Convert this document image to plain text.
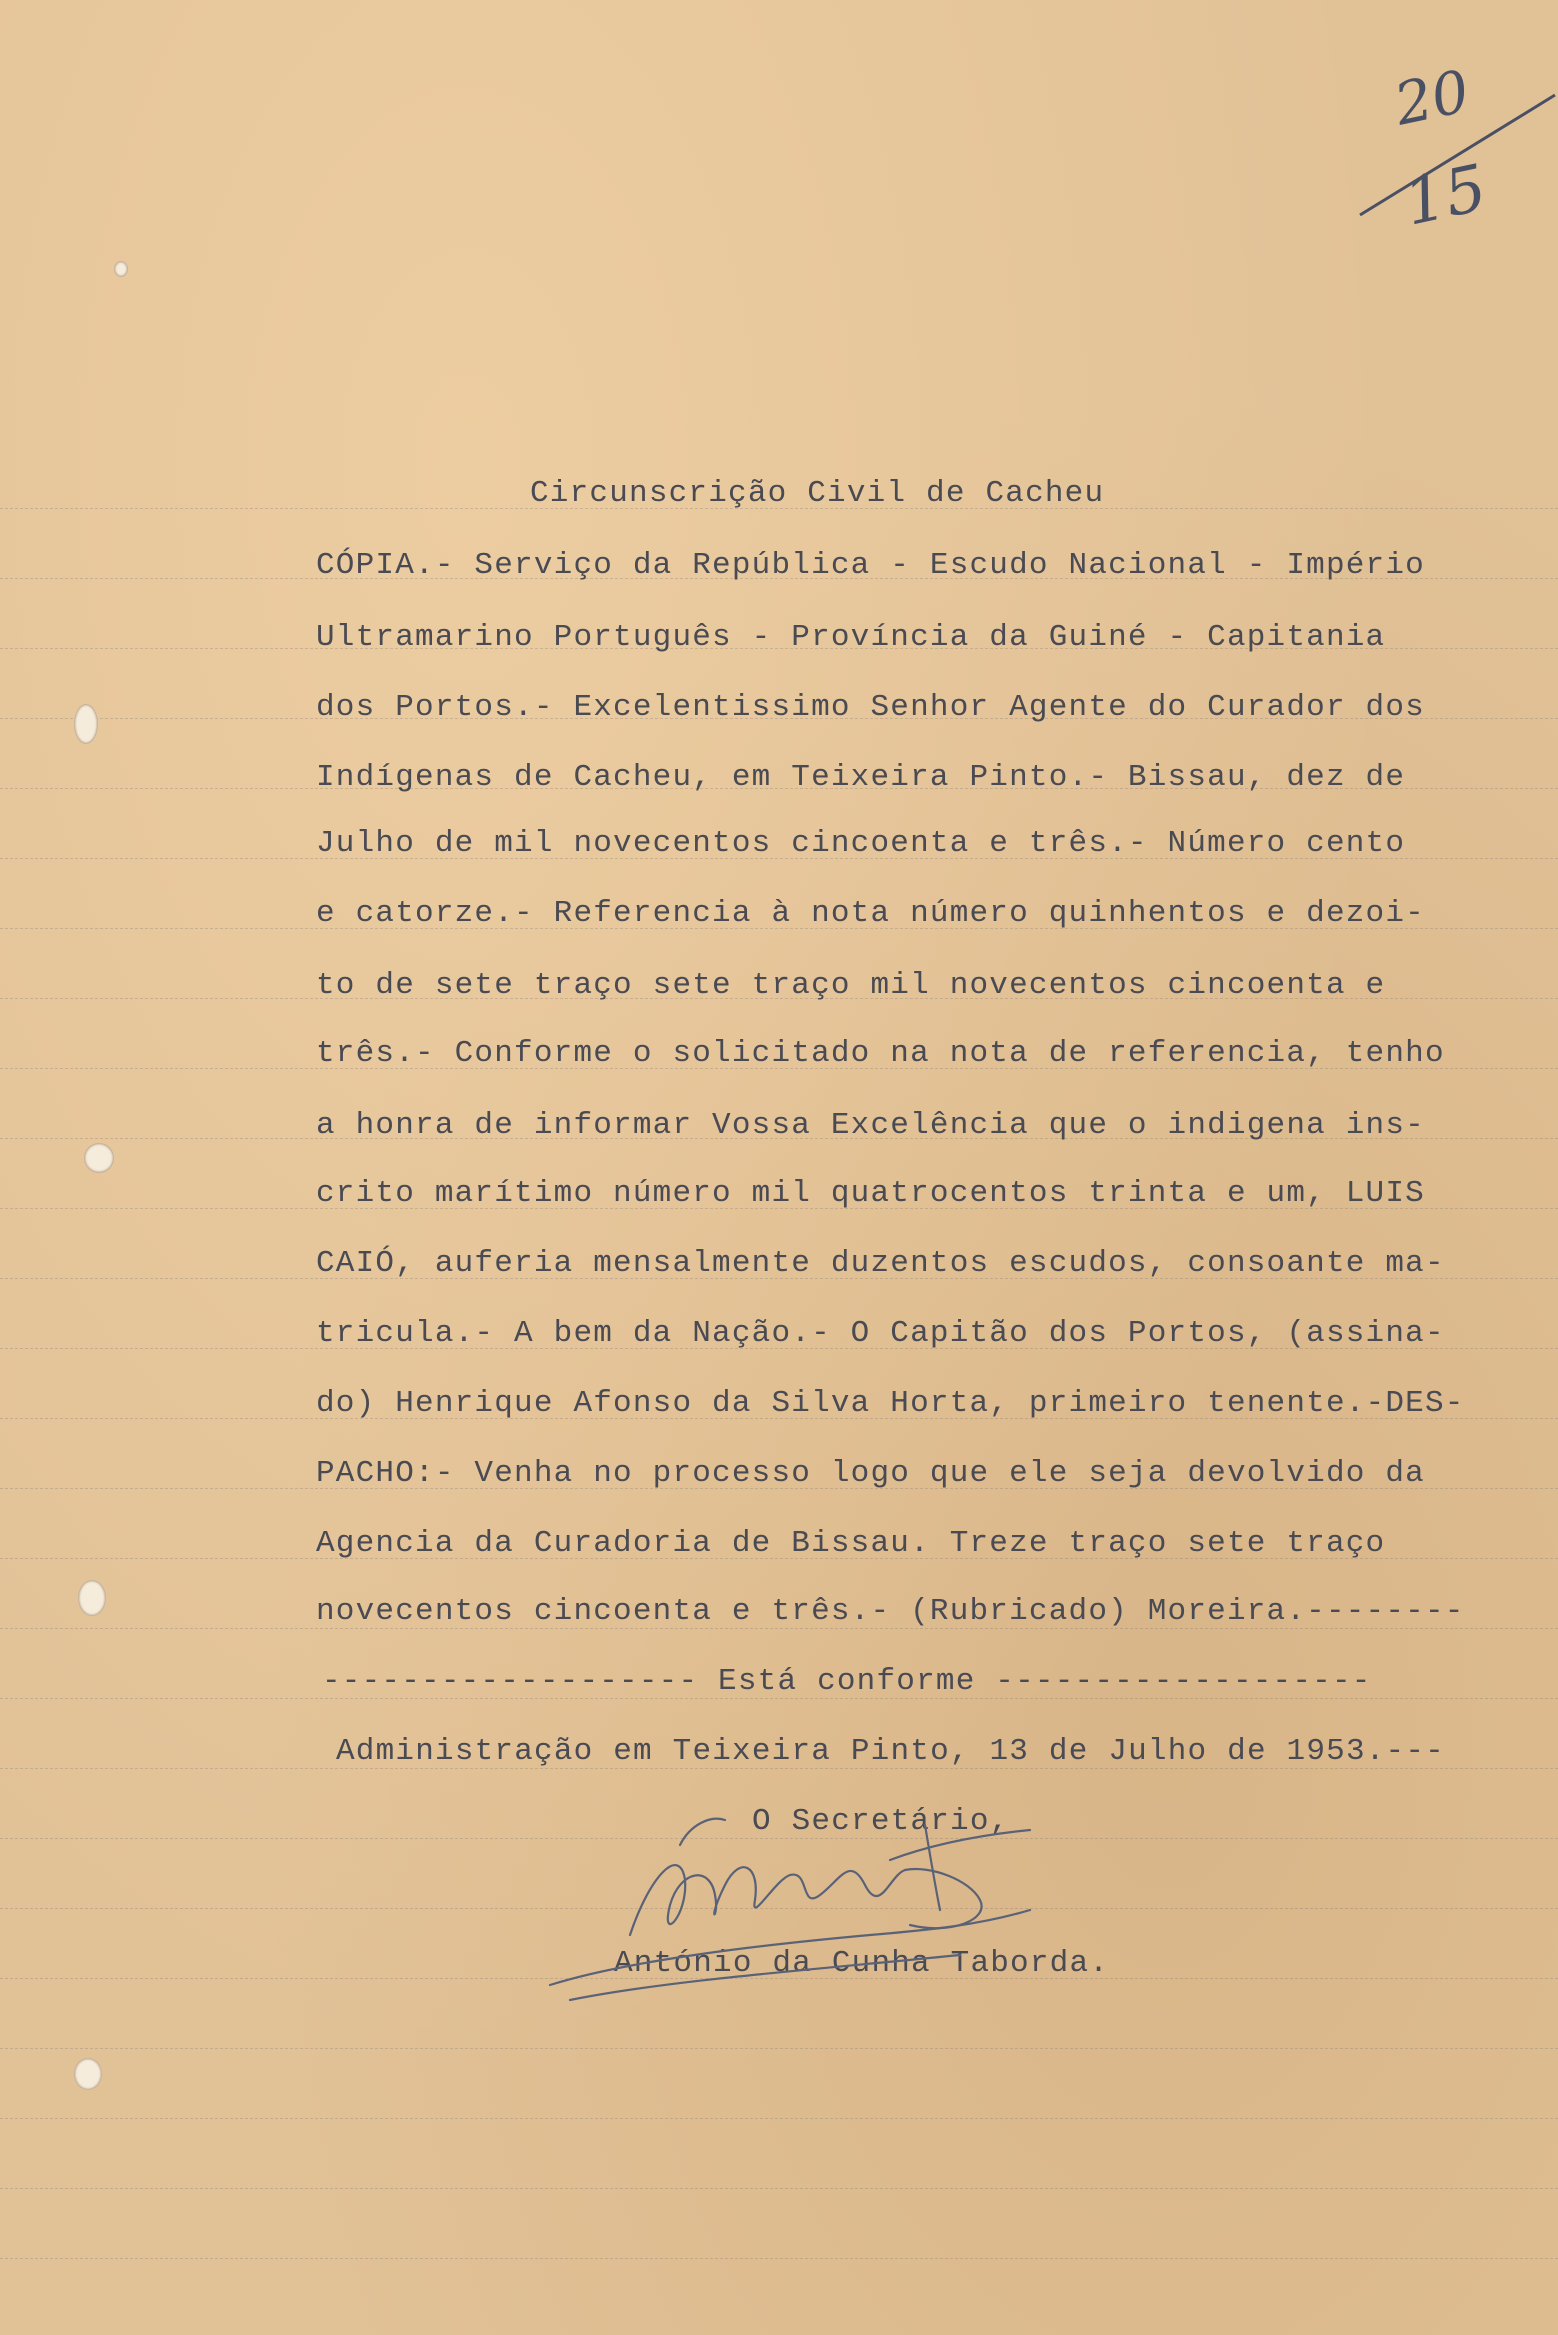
20
15
Circunscrição Civil de Cacheu
CÓPIA.- Serviço da República - Escudo Nacional - Império
Ultramarino Português - Província da Guiné - Capitania
dos Portos.- Excelentissimo Senhor Agente do Curador dos
Indígenas de Cacheu, em Teixeira Pinto.- Bissau, dez de
Julho de mil novecentos cincoenta e três.- Número cento
e catorze.- Referencia à nota número quinhentos e dezoi-
to de sete traço sete traço mil novecentos cincoenta e
três.- Conforme o solicitado na nota de referencia, tenho
a honra de informar Vossa Excelência que o indigena ins-
crito marítimo número mil quatrocentos trinta e um, LUIS
CAIÓ, auferia mensalmente duzentos escudos, consoante ma-
tricula.- A bem da Nação.- O Capitão dos Portos, (assina-
do) Henrique Afonso da Silva Horta, primeiro tenente.-DES-
PACHO:- Venha no processo logo que ele seja devolvido da
Agencia da Curadoria de Bissau. Treze traço sete traço
novecentos cincoenta e três.- (Rubricado) Moreira.--------
------------------- Está conforme -------------------
Administração em Teixeira Pinto, 13 de Julho de 1953.---
O Secretário,
António da Cunha Taborda.
